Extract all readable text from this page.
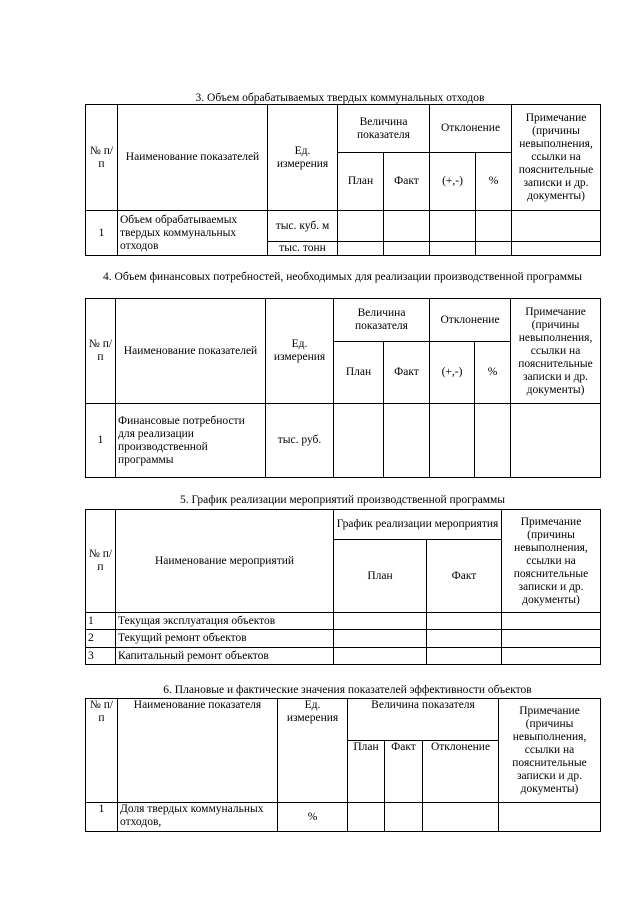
3. Объем обрабатываемых твердых коммунальных отходов
№ п/п	Наименование показателей	Ед. измерения	Величина показателя		Отклонение		Примечание (причины невыполнения, ссылки на пояснительные записки и др. документы)
			План	Факт	(+,-)	%	
1	Объем обрабатываемых твердых коммунальных отходов	тыс. куб. м					
		тыс. тонн					
4. Объем финансовых потребностей, необходимых для реализации производственной программы
№ п/п	Наименование показателей	Ед. измерения	Величина показателя		Отклонение		Примечание (причины невыполнения, ссылки на пояснительные записки и др. документы)
			План	Факт	(+,-)	%	
1	Финансовые потребности для реализации производственной программы	тыс. руб.					
5. График реализации мероприятий производственной программы
№ п/п	Наименование мероприятий	График реализации мероприятия		Примечание (причины невыполнения, ссылки на пояснительные записки и др. документы)
		План	Факт	
1	Текущая эксплуатация объектов			
2	Текущий ремонт объектов			
3	Капитальный ремонт объектов			
6. Плановые и фактические значения показателей эффективности объектов
№ п/п	Наименование показателя	Ед. измерения	Величина показателя			Примечание (причины невыполнения, ссылки на пояснительные записки и др. документы)
			План	Факт	Отклонение	
1	Доля твердых коммунальных отходов,	%				
